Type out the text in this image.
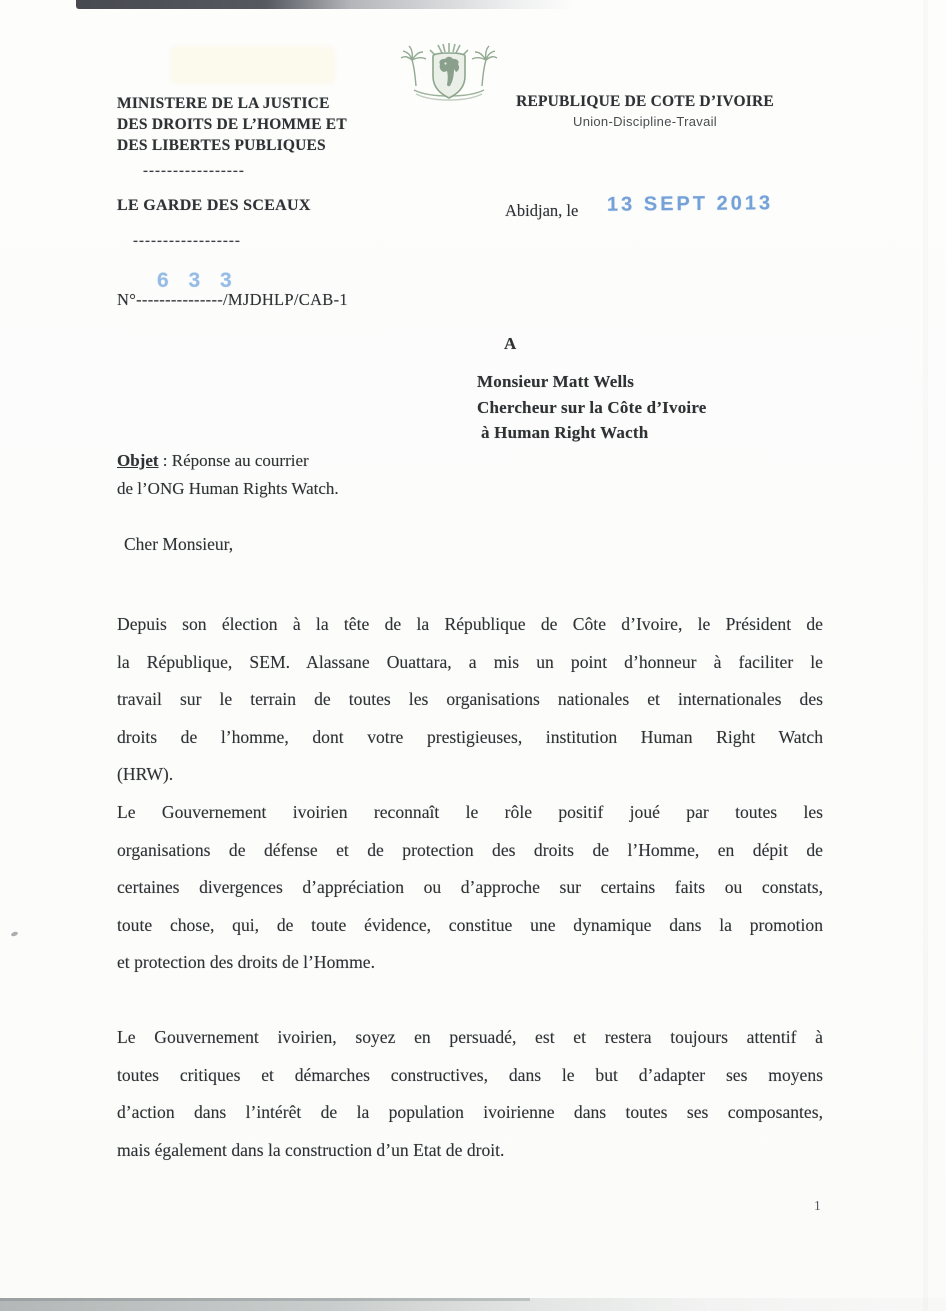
MINISTERE DE LA JUSTICE
DES DROITS DE L’HOMME ET
DES LIBERTES PUBLIQUES
-----------------
LE GARDE DES SCEAUX
------------------
REPUBLIQUE DE COTE D’IVOIRE
Union-Discipline-Travail
Abidjan, le 13 SEPT 2013
6 3 3
N°---------------/MJDHLP/CAB-1
A
Monsieur Matt Wells
Chercheur sur la Côte d’Ivoire
à Human Right Wacth
Objet : Réponse au courrier
de l’ONG Human Rights Watch.
Cher Monsieur,
Depuis son élection à la tête de la République de Côte d’Ivoire, le Président de
la République, SEM. Alassane Ouattara, a mis un point d’honneur à faciliter le
travail sur le terrain de toutes les organisations nationales et internationales des
droits de l’homme, dont votre prestigieuses, institution Human Right Watch
(HRW).
Le Gouvernement ivoirien reconnaît le rôle positif joué par toutes les
organisations de défense et de protection des droits de l’Homme, en dépit de
certaines divergences d’appréciation ou d’approche sur certains faits ou constats,
toute chose, qui, de toute évidence, constitue une dynamique dans la promotion
et protection des droits de l’Homme.
Le Gouvernement ivoirien, soyez en persuadé, est et restera toujours attentif à
toutes critiques et démarches constructives, dans le but d’adapter ses moyens
d’action dans l’intérêt de la population ivoirienne dans toutes ses composantes,
mais également dans la construction d’un Etat de droit.
1
